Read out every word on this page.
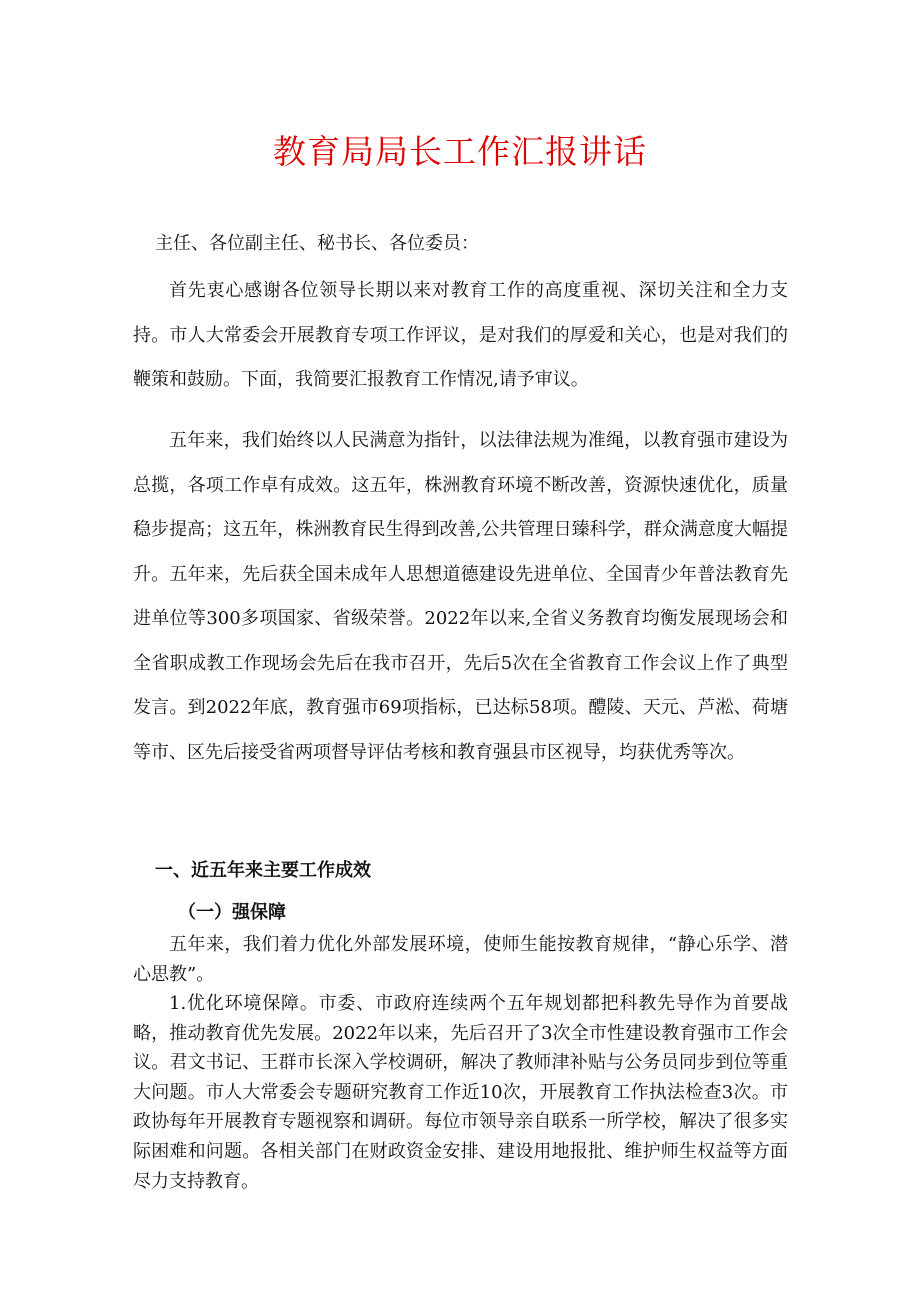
教育局局长工作汇报讲话

主任、各位副主任、秘书长、各位委员：

首先衷心感谢各位领导长期以来对教育工作的高度重视、深切关注和全力支持。市人大常委会开展教育专项工作评议，是对我们的厚爱和关心，也是对我们的鞭策和鼓励。下面，我简要汇报教育工作情况,请予审议。

五年来，我们始终以人民满意为指针，以法律法规为准绳，以教育强市建设为总揽，各项工作卓有成效。这五年，株洲教育环境不断改善，资源快速优化，质量稳步提高；这五年，株洲教育民生得到改善,公共管理日臻科学，群众满意度大幅提升。五年来，先后获全国未成年人思想道德建设先进单位、全国青少年普法教育先进单位等300多项国家、省级荣誉。2022年以来,全省义务教育均衡发展现场会和全省职成教工作现场会先后在我市召开，先后5次在全省教育工作会议上作了典型发言。到2022年底，教育强市69项指标，已达标58项。醴陵、天元、芦淞、荷塘等市、区先后接受省两项督导评估考核和教育强县市区视导，均获优秀等次。

一、近五年来主要工作成效
（一）强保障

五年来，我们着力优化外部发展环境，使师生能按教育规律，“静心乐学、潜心思教”。

1.优化环境保障。市委、市政府连续两个五年规划都把科教先导作为首要战略，推动教育优先发展。2022年以来，先后召开了3次全市性建设教育强市工作会议。君文书记、王群市长深入学校调研，解决了教师津补贴与公务员同步到位等重大问题。市人大常委会专题研究教育工作近10次，开展教育工作执法检查3次。市政协每年开展教育专题视察和调研。每位市领导亲自联系一所学校，解决了很多实际困难和问题。各相关部门在财政资金安排、建设用地报批、维护师生权益等方面尽力支持教育。
